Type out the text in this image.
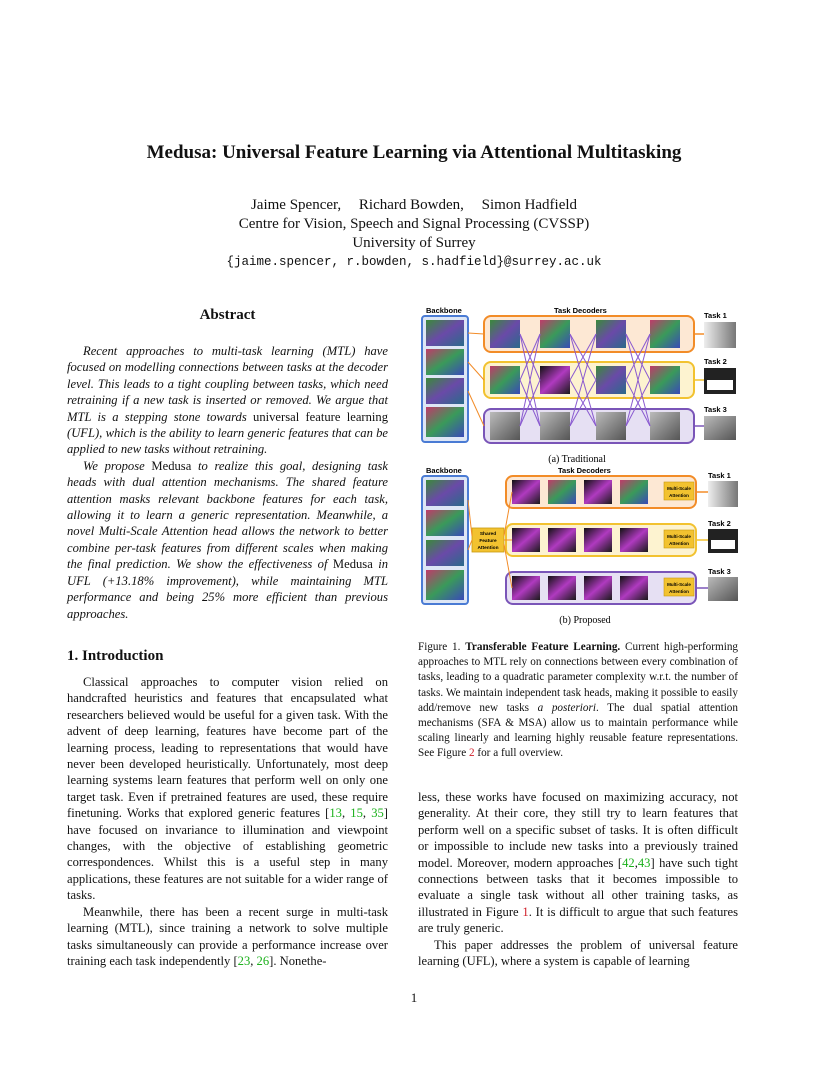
Medusa: Universal Feature Learning via Attentional Multitasking
Jaime Spencer, Richard Bowden, Simon Hadfield
Centre for Vision, Speech and Signal Processing (CVSSP)
University of Surrey
{jaime.spencer, r.bowden, s.hadfield}@surrey.ac.uk
Abstract

Recent approaches to multi-task learning (MTL) have focused on modelling connections between tasks at the decoder level. This leads to a tight coupling between tasks, which need retraining if a new task is inserted or removed. We argue that MTL is a stepping stone towards universal feature learning (UFL), which is the ability to learn generic features that can be applied to new tasks without retraining.

We propose Medusa to realize this goal, designing task heads with dual attention mechanisms. The shared feature attention masks relevant backbone features for each task, allowing it to learn a generic representation. Meanwhile, a novel Multi-Scale Attention head allows the network to better combine per-task features from different scales when making the final prediction. We show the effectiveness of Medusa in UFL (+13.18% improvement), while maintaining MTL performance and being 25% more efficient than previous approaches.

1. Introduction

Classical approaches to computer vision relied on handcrafted heuristics and features that encapsulated what researchers believed would be useful for a given task. With the advent of deep learning, features have become part of the learning process, leading to representations that would have never been developed heuristically. Unfortunately, most deep learning systems learn features that perform well on only one target task. Even if pretrained features are used, these require finetuning. Works that explored generic features [13, 15, 35] have focused on invariance to illumination and viewpoint changes, with the objective of establishing geometric correspondences. Whilst this is a useful step in many applications, these features are not suitable for a wider range of tasks.

Meanwhile, there has been a recent surge in multi-task learning (MTL), since training a network to solve multiple tasks simultaneously can provide a performance increase over training each task independently [23, 26]. Nonethe-

Backbone	Task Decoders
Task 1
Task 2
Task 3
(a) Traditional
Backbone	Task Decoders
Task 1
Task 2
Task 3
Shared
Feature
Attention
Multi-Scale
Attention
Multi-Scale
Attention
Multi-Scale
Attention
(b) Proposed
Figure 1. Transferable Feature Learning. Current high-performing approaches to MTL rely on connections between every combination of tasks, leading to a quadratic parameter complexity w.r.t. the number of tasks. We maintain independent task heads, making it possible to easily add/remove new tasks a posteriori. The dual spatial attention mechanisms (SFA & MSA) allow us to maintain performance while scaling linearly and learning highly reusable feature representations. See Figure 2 for a full overview.

less, these works have focused on maximizing accuracy, not generality. At their core, they still try to learn features that perform well on a specific subset of tasks. It is often difficult or impossible to include new tasks into a previously trained model. Moreover, modern approaches [42,43] have such tight connections between tasks that it becomes impossible to evaluate a single task without all other training tasks, as illustrated in Figure 1. It is difficult to argue that such features are truly generic.

This paper addresses the problem of universal feature learning (UFL), where a system is capable of learning

1
